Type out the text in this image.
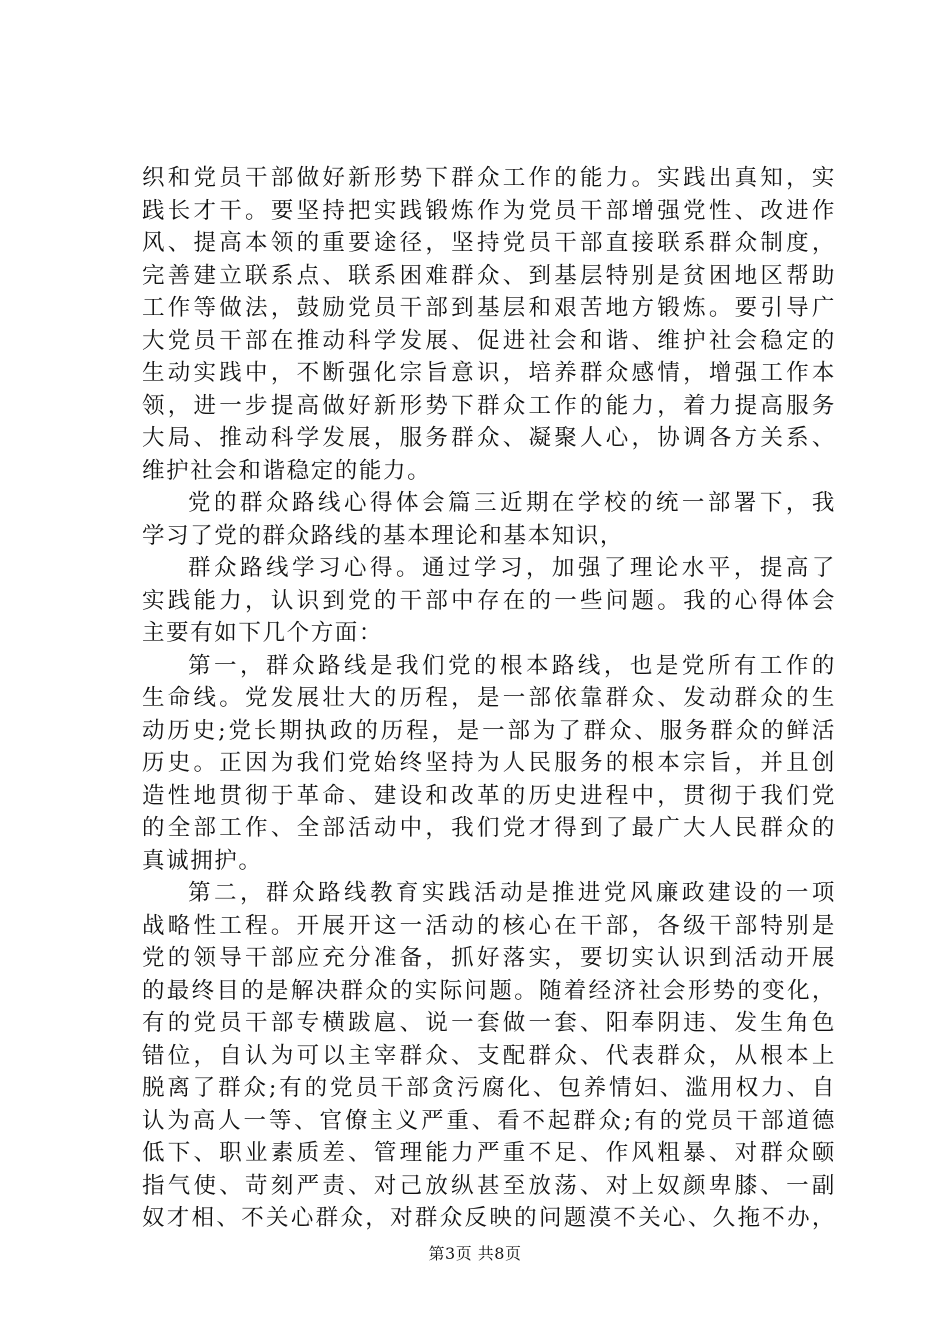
织和党员干部做好新形势下群众工作的能力。实践出真知，实
践长才干。要坚持把实践锻炼作为党员干部增强党性、改进作
风、提高本领的重要途径，坚持党员干部直接联系群众制度，
完善建立联系点、联系困难群众、到基层特别是贫困地区帮助
工作等做法，鼓励党员干部到基层和艰苦地方锻炼。要引导广
大党员干部在推动科学发展、促进社会和谐、维护社会稳定的
生动实践中，不断强化宗旨意识，培养群众感情，增强工作本
领，进一步提高做好新形势下群众工作的能力，着力提高服务
大局、推动科学发展，服务群众、凝聚人心，协调各方关系、
维护社会和谐稳定的能力。
党的群众路线心得体会篇三近期在学校的统一部署下，我
学习了党的群众路线的基本理论和基本知识，
群众路线学习心得。通过学习，加强了理论水平，提高了
实践能力，认识到党的干部中存在的一些问题。我的心得体会
主要有如下几个方面：
第一，群众路线是我们党的根本路线，也是党所有工作的
生命线。党发展壮大的历程，是一部依靠群众、发动群众的生
动历史;党长期执政的历程，是一部为了群众、服务群众的鲜活
历史。正因为我们党始终坚持为人民服务的根本宗旨，并且创
造性地贯彻于革命、建设和改革的历史进程中，贯彻于我们党
的全部工作、全部活动中，我们党才得到了最广大人民群众的
真诚拥护。
第二，群众路线教育实践活动是推进党风廉政建设的一项
战略性工程。开展开这一活动的核心在干部，各级干部特别是
党的领导干部应充分准备，抓好落实，要切实认识到活动开展
的最终目的是解决群众的实际问题。随着经济社会形势的变化，
有的党员干部专横跋扈、说一套做一套、阳奉阴违、发生角色
错位，自认为可以主宰群众、支配群众、代表群众，从根本上
脱离了群众;有的党员干部贪污腐化、包养情妇、滥用权力、自
认为高人一等、官僚主义严重、看不起群众;有的党员干部道德
低下、职业素质差、管理能力严重不足、作风粗暴、对群众颐
指气使、苛刻严责、对己放纵甚至放荡、对上奴颜卑膝、一副
奴才相、不关心群众，对群众反映的问题漠不关心、久拖不办，
第3页 共8页
